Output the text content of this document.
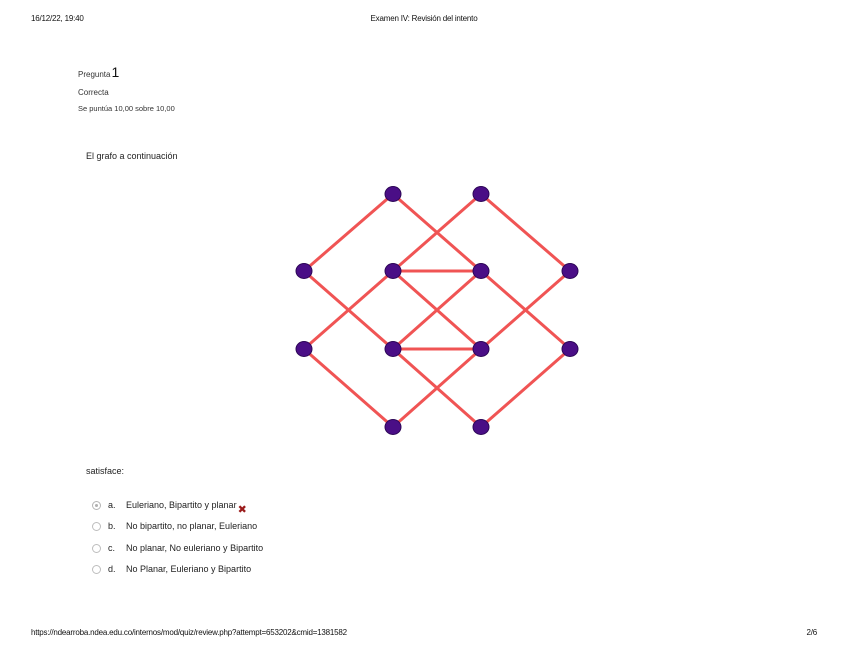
16/12/22, 19:40	Examen IV: Revisión del intento
Pregunta1
Correcta
Se puntúa 10,00 sobre 10,00
El grafo a continuación
satisface:
a.	Euleriano, Bipartito y planar ✖
b.	No bipartito, no planar, Euleriano
c.	No planar, No euleriano y Bipartito
d.	No Planar, Euleriano y Bipartito
https://ndearroba.ndea.edu.co/internos/mod/quiz/review.php?attempt=653202&cmid=1381582	2/6
